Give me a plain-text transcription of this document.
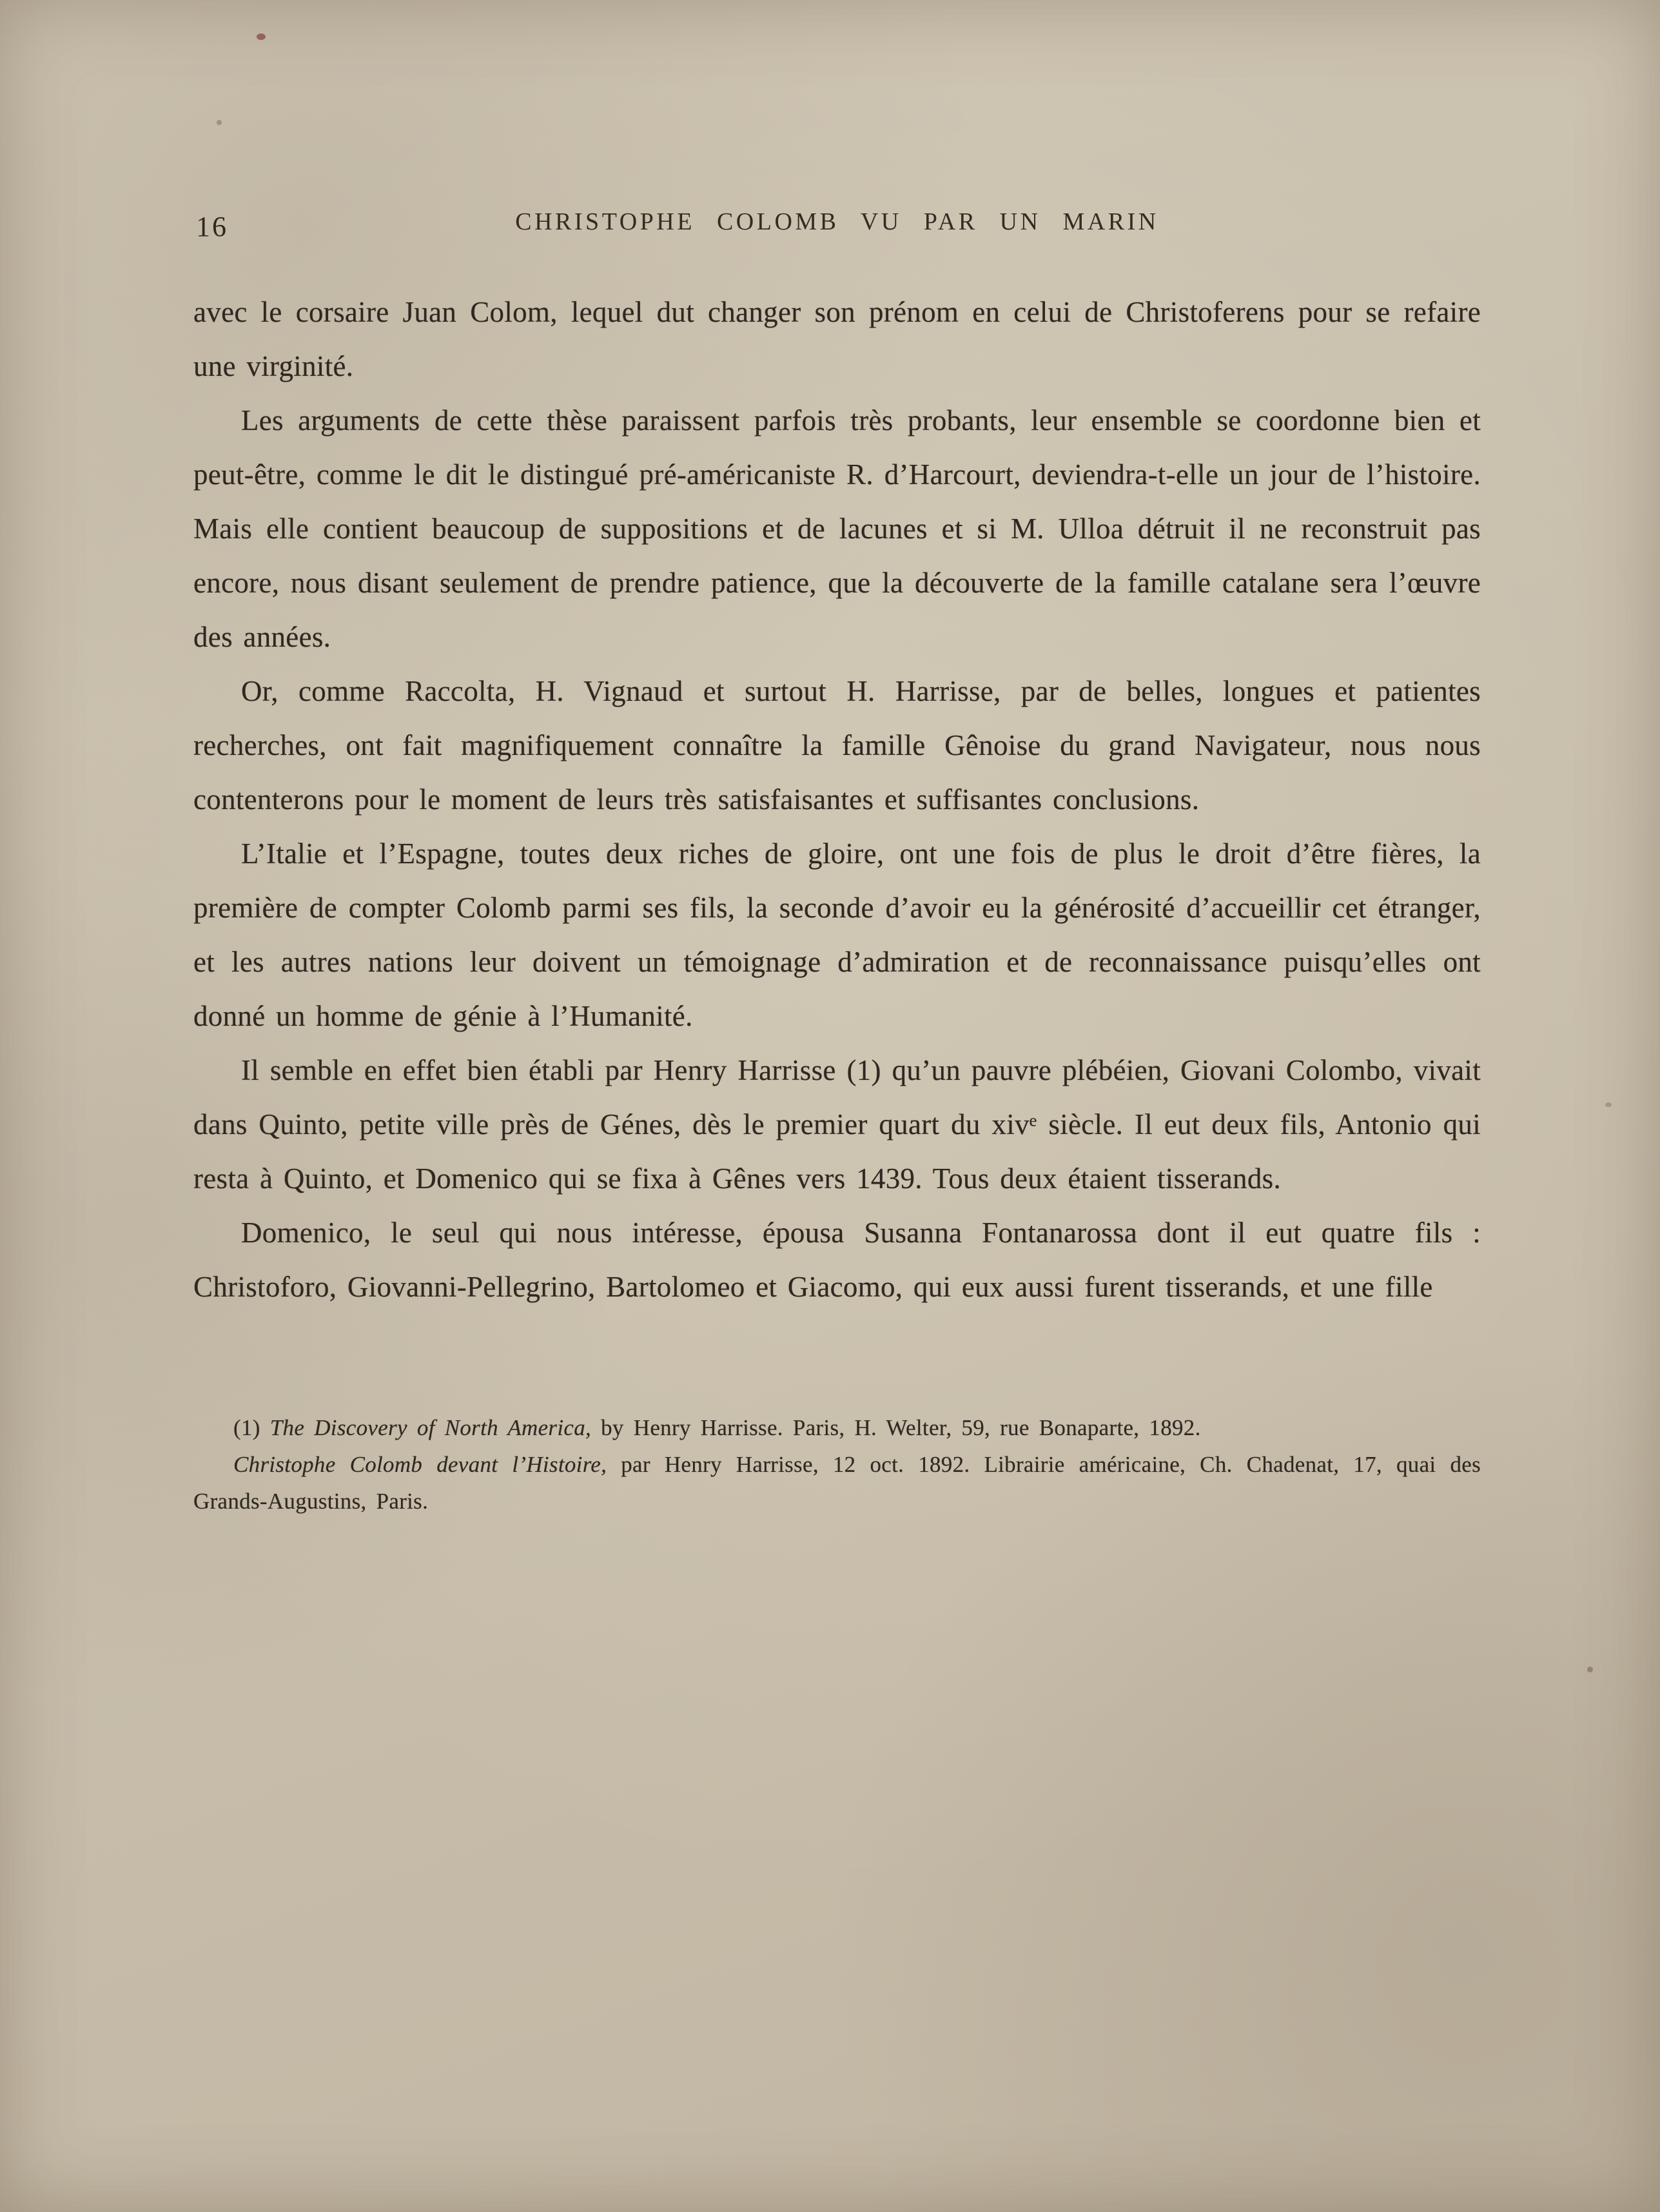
16	CHRISTOPHE COLOMB VU PAR UN MARIN

avec le corsaire Juan Colom, lequel dut changer son prénom en celui de Christoferens pour se refaire une virginité.

Les arguments de cette thèse paraissent parfois très probants, leur ensemble se coordonne bien et peut-être, comme le dit le distingué pré-américaniste R. d’Harcourt, deviendra-t-elle un jour de l’histoire. Mais elle contient beaucoup de suppositions et de lacunes et si M. Ulloa détruit il ne reconstruit pas encore, nous disant seulement de prendre patience, que la découverte de la famille catalane sera l’œuvre des années.

Or, comme Raccolta, H. Vignaud et surtout H. Harrisse, par de belles, longues et patientes recherches, ont fait magnifiquement connaître la famille Gênoise du grand Navigateur, nous nous contenterons pour le moment de leurs très satisfaisantes et suffisantes conclusions.

L’Italie et l’Espagne, toutes deux riches de gloire, ont une fois de plus le droit d’être fières, la première de compter Colomb parmi ses fils, la seconde d’avoir eu la générosité d’accueillir cet étranger, et les autres nations leur doivent un témoignage d’admiration et de reconnaissance puisqu’elles ont donné un homme de génie à l’Humanité.

Il semble en effet bien établi par Henry Harrisse (1) qu’un pauvre plébéien, Giovani Colombo, vivait dans Quinto, petite ville près de Génes, dès le premier quart du xivᵉ siècle. Il eut deux fils, Antonio qui resta à Quinto, et Domenico qui se fixa à Gênes vers 1439. Tous deux étaient tisserands.

Domenico, le seul qui nous intéresse, épousa Susanna Fontanarossa dont il eut quatre fils : Christoforo, Giovanni-Pellegrino, Bartolomeo et Giacomo, qui eux aussi furent tisserands, et une fille

(1) The Discovery of North America, by Henry Harrisse. Paris, H. Welter, 59, rue Bonaparte, 1892.

Christophe Colomb devant l’Histoire, par Henry Harrisse, 12 oct. 1892. Librairie américaine, Ch. Chadenat, 17, quai des Grands-Augustins, Paris.
